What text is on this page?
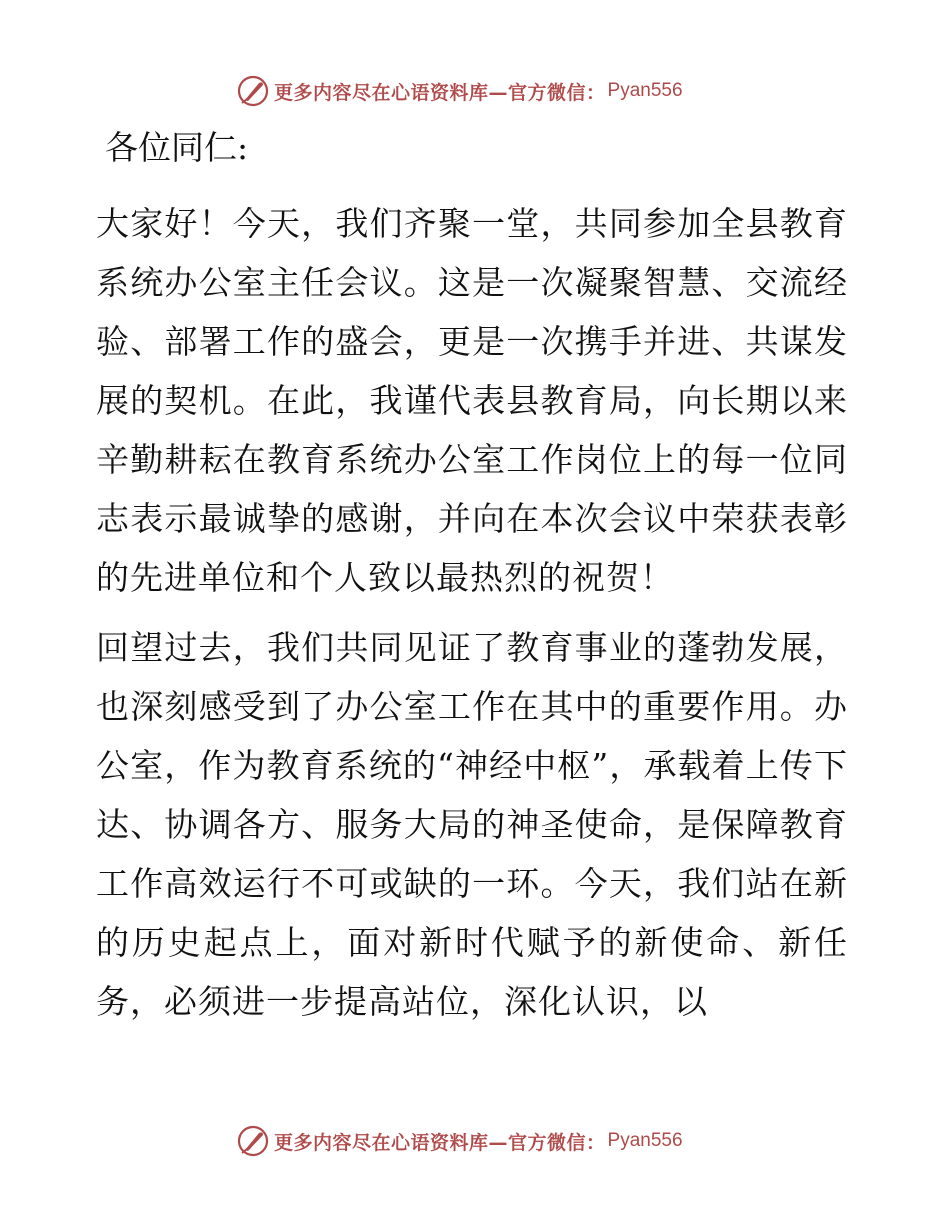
更多内容尽在心语资料库—官方微信： Pyan556

各位同仁:

大家好！今天，我们齐聚一堂，共同参加全县教育系统办公室主任会议。这是一次凝聚智慧、交流经验、部署工作的盛会，更是一次携手并进、共谋发展的契机。在此，我谨代表县教育局，向长期以来辛勤耕耘在教育系统办公室工作岗位上的每一位同志表示最诚挚的感谢，并向在本次会议中荣获表彰的先进单位和个人致以最热烈的祝贺！

回望过去，我们共同见证了教育事业的蓬勃发展，也深刻感受到了办公室工作在其中的重要作用。办公室，作为教育系统的“神经中枢”，承载着上传下达、协调各方、服务大局的神圣使命，是保障教育工作高效运行不可或缺的一环。今天，我们站在新的历史起点上，面对新时代赋予的新使命、新任务，必须进一步提高站位，深化认识，以

更多内容尽在心语资料库—官方微信： Pyan556
